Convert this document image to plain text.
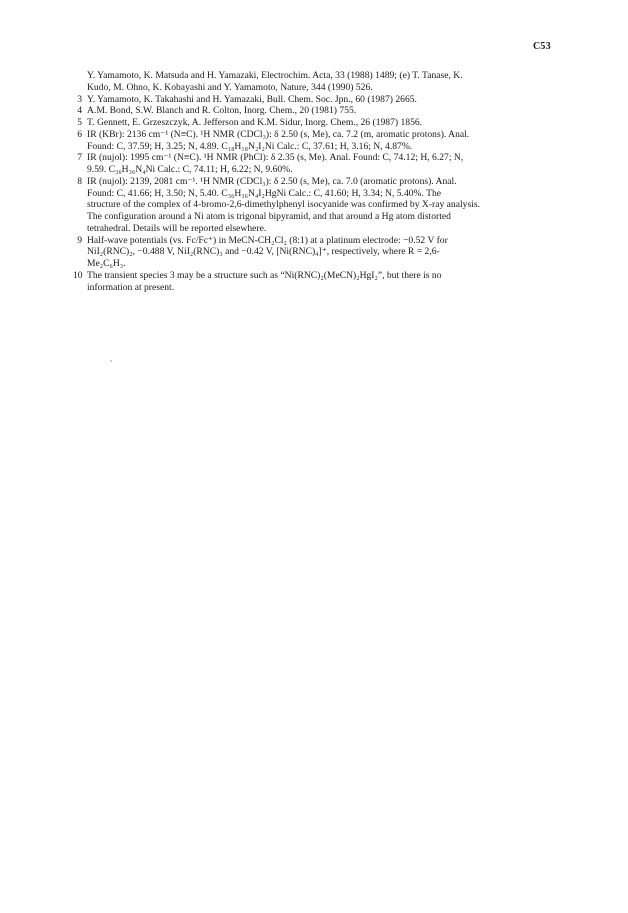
C53
Y. Yamamoto, K. Matsuda and H. Yamazaki, Electrochim. Acta, 33 (1988) 1489; (e) T. Tanase, K.
Kudo, M. Ohno, K. Kobayashi and Y. Yamamoto, Nature, 344 (1990) 526.
3 Y. Yamamoto, K. Takahashi and H. Yamazaki, Bull. Chem. Soc. Jpn., 60 (1987) 2665.
4 A.M. Bond, S.W. Blanch and R. Colton, Inorg. Chem., 20 (1981) 755.
5 T. Gennett, E. Grzeszczyk, A. Jefferson and K.M. Sidur, Inorg. Chem., 26 (1987) 1856.
6 IR (KBr): 2136 cm⁻¹ (N≡C). ¹H NMR (CDCl₃): δ 2.50 (s, Me), ca. 7.2 (m, aromatic protons). Anal.
Found: C, 37.59; H, 3.25; N, 4.89. C₁₈H₁₈N₂I₂Ni Calc.: C, 37.61; H, 3.16; N, 4.87%.
7 IR (nujol): 1995 cm⁻¹ (N≡C). ¹H NMR (PhCl): δ 2.35 (s, Me). Anal. Found: C, 74.12; H, 6.27; N,
9.59. C₃₆H₃₆N₄Ni Calc.: C, 74.11; H, 6.22; N, 9.60%.
8 IR (nujol): 2139, 2081 cm⁻¹. ¹H NMR (CDCl₃): δ 2.50 (s, Me), ca. 7.0 (aromatic protons). Anal.
Found: C, 41.66; H, 3.50; N, 5.40. C₃₆H₃₆N₄I₂HgNi Calc.: C, 41.60; H, 3.34; N, 5.40%. The
structure of the complex of 4-bromo-2,6-dimethylphenyl isocyanide was confirmed by X-ray analysis.
The configuration around a Ni atom is trigonal bipyramid, and that around a Hg atom distorted
tetrahedral. Details will be reported elsewhere.
9 Half-wave potentials (vs. Fc/Fc⁺) in MeCN-CH₂Cl₂ (8:1) at a platinum electrode: −0.52 V for
NiI₂(RNC)₂, −0.488 V, NiI₂(RNC)₃ and −0.42 V, [Ni(RNC)₄]⁺, respectively, where R = 2,6-
Me₂C₆H₃.
10 The transient species 3 may be a structure such as “Ni(RNC)₂(MeCN)₂HgI₂”, but there is no
information at present.
